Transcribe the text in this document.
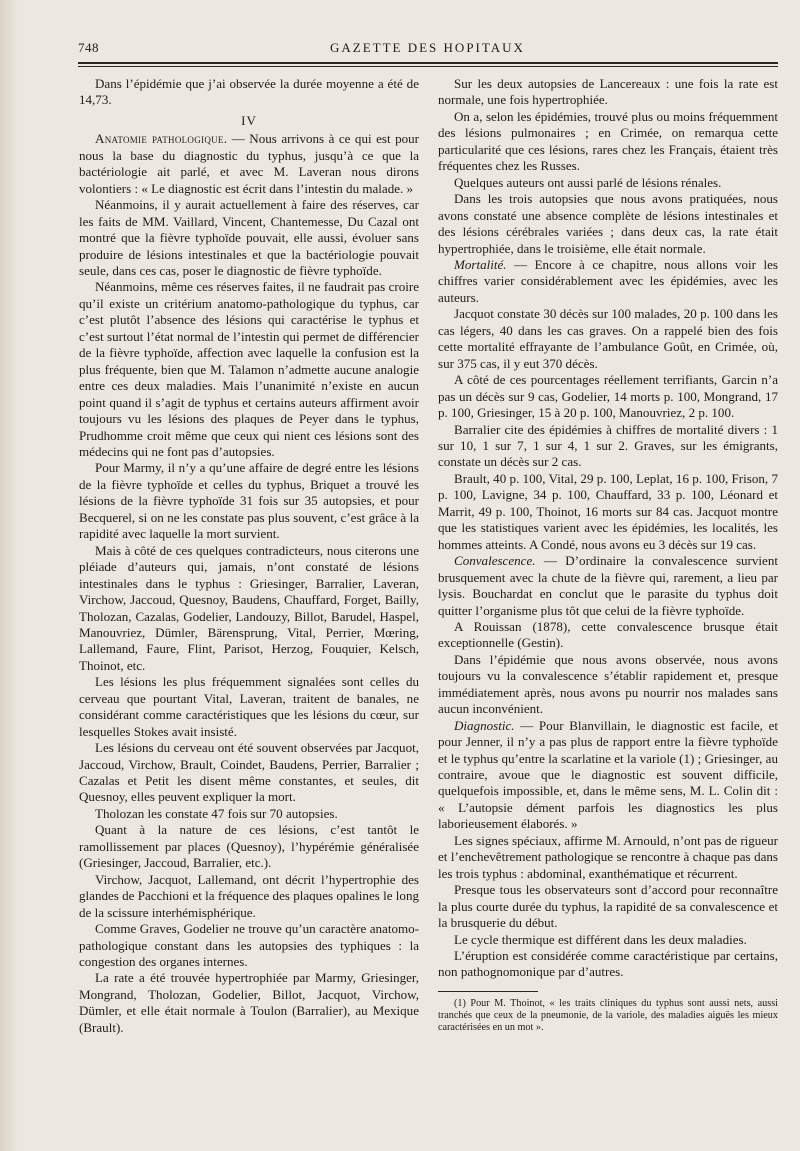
748	GAZETTE DES HOPITAUX

Dans l’épidémie que j’ai observée la durée moyenne a été de 14,73.

IV

Anatomie pathologique. — Nous arrivons à ce qui est pour nous la base du diagnostic du typhus, jusqu’à ce que la bactériologie ait parlé, et avec M. Laveran nous dirons volontiers : « Le diagnostic est écrit dans l’intestin du malade. »

Néanmoins, il y aurait actuellement à faire des réserves, car les faits de MM. Vaillard, Vincent, Chantemesse, Du Cazal ont montré que la fièvre typhoïde pouvait, elle aussi, évoluer sans produire de lésions intestinales et que la bactériologie pouvait seule, dans ces cas, poser le diagnostic de fièvre typhoïde.

Néanmoins, même ces réserves faites, il ne faudrait pas croire qu’il existe un critérium anatomo-pathologique du typhus, car c’est plutôt l’absence des lésions qui caractérise le typhus et c’est surtout l’état normal de l’intestin qui permet de différencier de la fièvre typhoïde, affection avec laquelle la confusion est la plus fréquente, bien que M. Talamon n’admette aucune analogie entre ces deux maladies. Mais l’unanimité n’existe en aucun point quand il s’agit de typhus et certains auteurs affirment avoir toujours vu les lésions des plaques de Peyer dans le typhus, Prudhomme croit même que ceux qui nient ces lésions sont des médecins qui ne font pas d’autopsies.

Pour Marmy, il n’y a qu’une affaire de degré entre les lésions de la fièvre typhoïde et celles du typhus, Briquet a trouvé les lésions de la fièvre typhoïde 31 fois sur 35 autopsies, et pour Becquerel, si on ne les constate pas plus souvent, c’est grâce à la rapidité avec laquelle la mort survient.

Mais à côté de ces quelques contradicteurs, nous citerons une pléiade d’auteurs qui, jamais, n’ont constaté de lésions intestinales dans le typhus : Griesinger, Barralier, Laveran, Virchow, Jaccoud, Quesnoy, Baudens, Chauffard, Forget, Bailly, Tholozan, Cazalas, Godelier, Landouzy, Billot, Barudel, Haspel, Manouvriez, Dümler, Bärensprung, Vital, Perrier, Mœring, Lallemand, Faure, Flint, Parisot, Herzog, Fouquier, Kelsch, Thoinot, etc.

Les lésions les plus fréquemment signalées sont celles du cerveau que pourtant Vital, Laveran, traitent de banales, ne considérant comme caractéristiques que les lésions du cœur, sur lesquelles Stokes avait insisté.

Les lésions du cerveau ont été souvent observées par Jacquot, Jaccoud, Virchow, Brault, Coindet, Baudens, Perrier, Barralier ; Cazalas et Petit les disent même constantes, et seules, dit Quesnoy, elles peuvent expliquer la mort.

Tholozan les constate 47 fois sur 70 autopsies.

Quant à la nature de ces lésions, c’est tantôt le ramollissement par places (Quesnoy), l’hypérémie généralisée (Griesinger, Jaccoud, Barralier, etc.).

Virchow, Jacquot, Lallemand, ont décrit l’hypertrophie des glandes de Pacchioni et la fréquence des plaques opalines le long de la scissure interhémisphérique.

Comme Graves, Godelier ne trouve qu’un caractère anatomo-pathologique constant dans les autopsies des typhiques : la congestion des organes internes.

La rate a été trouvée hypertrophiée par Marmy, Griesinger, Mongrand, Tholozan, Godelier, Billot, Jacquot, Virchow, Dümler, et elle était normale à Toulon (Barralier), au Mexique (Brault).

Sur les deux autopsies de Lancereaux : une fois la rate est normale, une fois hypertrophiée.

On a, selon les épidémies, trouvé plus ou moins fréquemment des lésions pulmonaires ; en Crimée, on remarqua cette particularité que ces lésions, rares chez les Français, étaient très fréquentes chez les Russes.

Quelques auteurs ont aussi parlé de lésions rénales.

Dans les trois autopsies que nous avons pratiquées, nous avons constaté une absence complète de lésions intestinales et des lésions cérébrales variées ; dans deux cas, la rate était hypertrophiée, dans le troisième, elle était normale.

Mortalité. — Encore à ce chapitre, nous allons voir les chiffres varier considérablement avec les épidémies, avec les auteurs.

Jacquot constate 30 décès sur 100 malades, 20 p. 100 dans les cas légers, 40 dans les cas graves. On a rappelé bien des fois cette mortalité effrayante de l’ambulance Goût, en Crimée, où, sur 375 cas, il y eut 370 décès.

A côté de ces pourcentages réellement terrifiants, Garcin n’a pas un décès sur 9 cas, Godelier, 14 morts p. 100, Mongrand, 17 p. 100, Griesinger, 15 à 20 p. 100, Manouvriez, 2 p. 100.

Barralier cite des épidémies à chiffres de mortalité divers : 1 sur 10, 1 sur 7, 1 sur 4, 1 sur 2. Graves, sur les émigrants, constate un décès sur 2 cas.

Brault, 40 p. 100, Vital, 29 p. 100, Leplat, 16 p. 100, Frison, 7 p. 100, Lavigne, 34 p. 100, Chauffard, 33 p. 100, Léonard et Marrit, 49 p. 100, Thoinot, 16 morts sur 84 cas. Jacquot montre que les statistiques varient avec les épidémies, les localités, les hommes atteints. A Condé, nous avons eu 3 décès sur 19 cas.

Convalescence. — D’ordinaire la convalescence survient brusquement avec la chute de la fièvre qui, rarement, a lieu par lysis. Bouchardat en conclut que le parasite du typhus doit quitter l’organisme plus tôt que celui de la fièvre typhoïde.

A Rouissan (1878), cette convalescence brusque était exceptionnelle (Gestin).

Dans l’épidémie que nous avons observée, nous avons toujours vu la convalescence s’établir rapidement et, presque immédiatement après, nous avons pu nourrir nos malades sans aucun inconvénient.

Diagnostic. — Pour Blanvillain, le diagnostic est facile, et pour Jenner, il n’y a pas plus de rapport entre la fièvre typhoïde et le typhus qu’entre la scarlatine et la variole (1) ; Griesinger, au contraire, avoue que le diagnostic est souvent difficile, quelquefois impossible, et, dans le même sens, M. L. Colin dit : « L’autopsie dément parfois les diagnostics les plus laborieusement élaborés. »

Les signes spéciaux, affirme M. Arnould, n’ont pas de rigueur et l’enchevêtrement pathologique se rencontre à chaque pas dans les trois typhus : abdominal, exanthématique et récurrent.

Presque tous les observateurs sont d’accord pour reconnaître la plus courte durée du typhus, la rapidité de sa convalescence et la brusquerie du début.

Le cycle thermique est différent dans les deux maladies.

L’éruption est considérée comme caractéristique par certains, non pathognomonique par d’autres.

(1) Pour M. Thoinot, « les traits cliniques du typhus sont aussi nets, aussi tranchés que ceux de la pneumonie, de la variole, des maladies aiguës les mieux caractérisées en un mot ».
